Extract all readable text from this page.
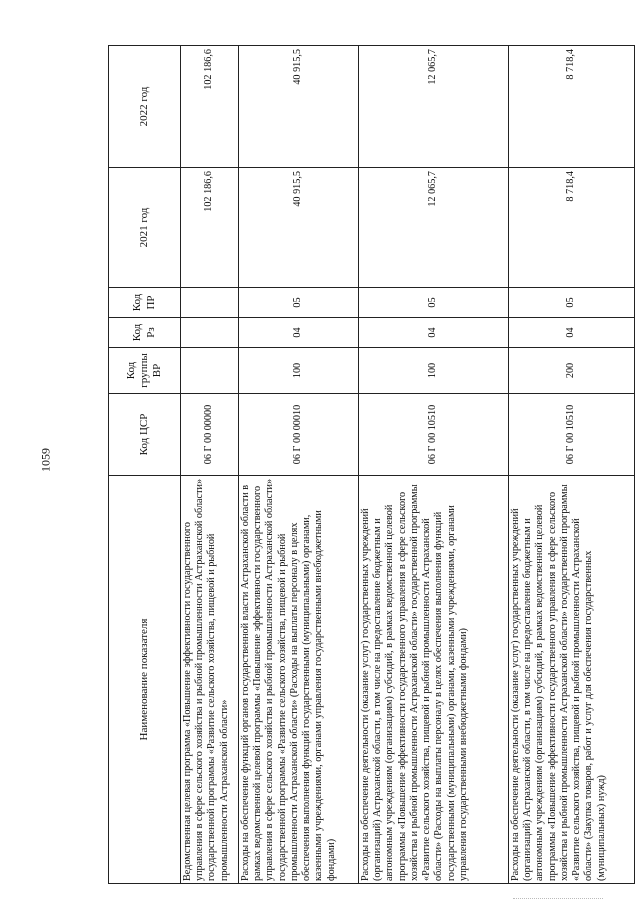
1059
Наименование показателя	Код ЦСР	Код группы ВР	Код Рз	Код ПР	2021 год	2022 год
Ведомственная целевая программа «Повышение эффективности государственного управления в сфере сельского хозяйства и рыбной промышленности Астраханской области» государственной программы «Развитие сельского хозяйства, пищевой и рыбной промышленности Астраханской области»	06 Г 00 00000				102 186,6	102 186,6
Расходы на обеспечение функций органов государственной власти Астраханской области в рамках ведомственной целевой программы «Повышение эффективности государственного управления в сфере сельского хозяйства и рыбной промышленности Астраханской области» государственной программы «Развитие сельского хозяйства, пищевой и рыбной промышленности Астраханской области» (Расходы на выплаты персоналу в целях обеспечения выполнения функций государственными (муниципальными) органами, казенными учреждениями, органами управления государственными внебюджетными фондами)	06 Г 00 00010	100	04	05	40 915,5	40 915,5
Расходы на обеспечение деятельности (оказание услуг) государственных учреждений (организаций) Астраханской области, в том числе на предоставление бюджетным и автономным учреждениям (организациям) субсидий, в рамках ведомственной целевой программы «Повышение эффективности государственного управления в сфере сельского хозяйства и рыбной промышленности Астраханской области» государственной программы «Развитие сельского хозяйства, пищевой и рыбной промышленности Астраханской области» (Расходы на выплаты персоналу в целях обеспечения выполнения функций государственными (муниципальными) органами, казенными учреждениями, органами управления государственными внебюджетными фондами)	06 Г 00 10510	100	04	05	12 065,7	12 065,7
Расходы на обеспечение деятельности (оказание услуг) государственных учреждений (организаций) Астраханской области, в том числе на предоставление бюджетным и автономным учреждениям (организациям) субсидий, в рамках ведомственной целевой программы «Повышение эффективности государственного управления в сфере сельского хозяйства и рыбной промышленности Астраханской области» государственной программы «Развитие сельского хозяйства, пищевой и рыбной промышленности Астраханской области» (Закупка товаров, работ и услуг для обеспечения государственных (муниципальных) нужд)	06 Г 00 10510	200	04	05	8 718,4	8 718,4
